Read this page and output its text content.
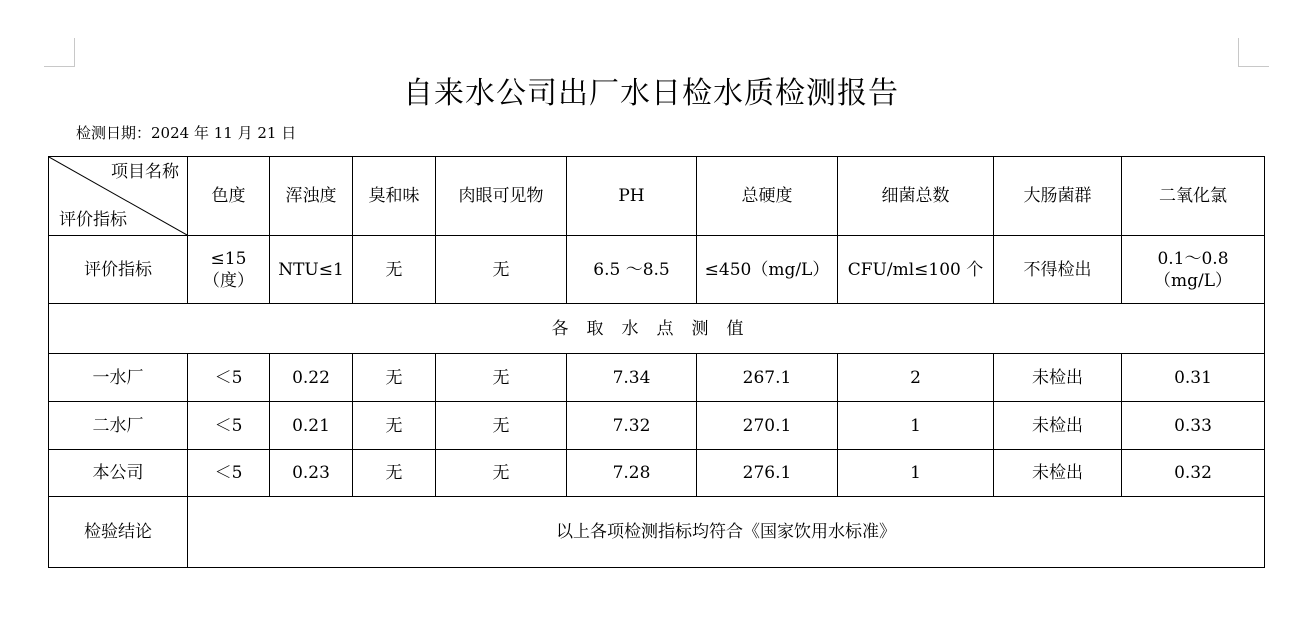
自来水公司出厂水日检水质检测报告
检测日期：2024 年 11 月 21 日
项目名称
评价指标	色度	浑浊度	臭和味	肉眼可见物	PH	总硬度	细菌总数	大肠菌群	二氧化氯
评价指标	≤15（度）	NTU≤1	无	无	6.5 ～8.5	≤450（mg/L）	CFU/ml≤100 个	不得检出	0.1～0.8（mg/L）
各取水点测值									
一水厂	＜5	0.22	无	无	7.34	267.1	2	未检出	0.31
二水厂	＜5	0.21	无	无	7.32	270.1	1	未检出	0.33
本公司	＜5	0.23	无	无	7.28	276.1	1	未检出	0.32
检验结论	以上各项检测指标均符合《国家饮用水标准》								
